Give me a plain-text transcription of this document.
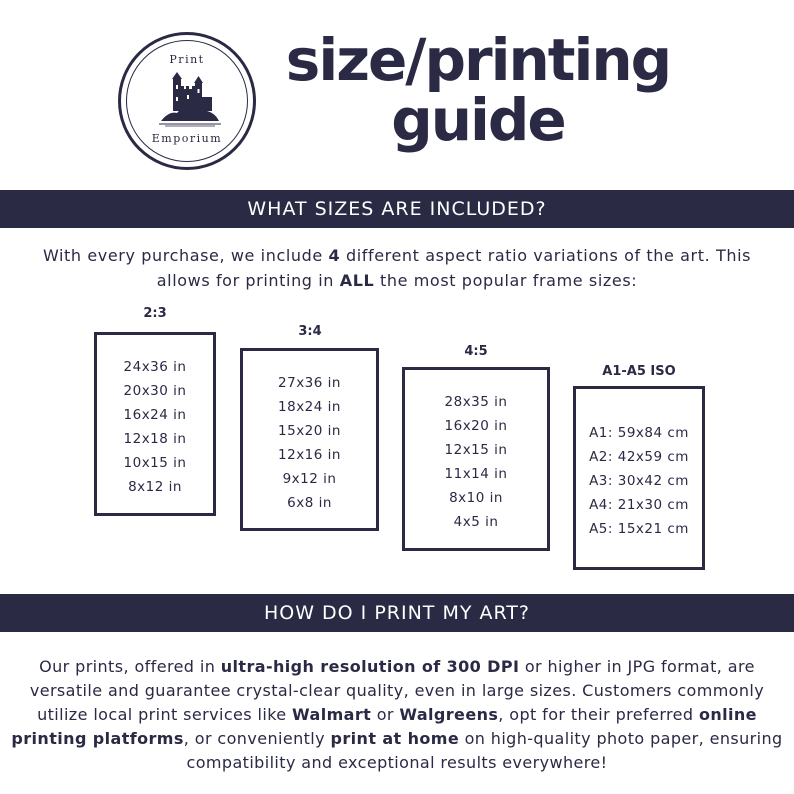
Print
Emporium
size/printing
guide
WHAT SIZES ARE INCLUDED?

With every purchase, we include 4 different aspect ratio variations of the art. This allows for printing in ALL the most popular frame sizes:

2:3
24x36 in
20x30 in
16x24 in
12x18 in
10x15 in
8x12 in
3:4
27x36 in
18x24 in
15x20 in
12x16 in
9x12 in
6x8 in
4:5
28x35 in
16x20 in
12x15 in
11x14 in
8x10 in
4x5 in
A1-A5 ISO
A1: 59x84 cm
A2: 42x59 cm
A3: 30x42 cm
A4: 21x30 cm
A5: 15x21 cm
HOW DO I PRINT MY ART?

Our prints, offered in ultra-high resolution of 300 DPI or higher in JPG format, are versatile and guarantee crystal-clear quality, even in large sizes. Customers commonly utilize local print services like Walmart or Walgreens, opt for their preferred online printing platforms, or conveniently print at home on high-quality photo paper, ensuring compatibility and exceptional results everywhere!
